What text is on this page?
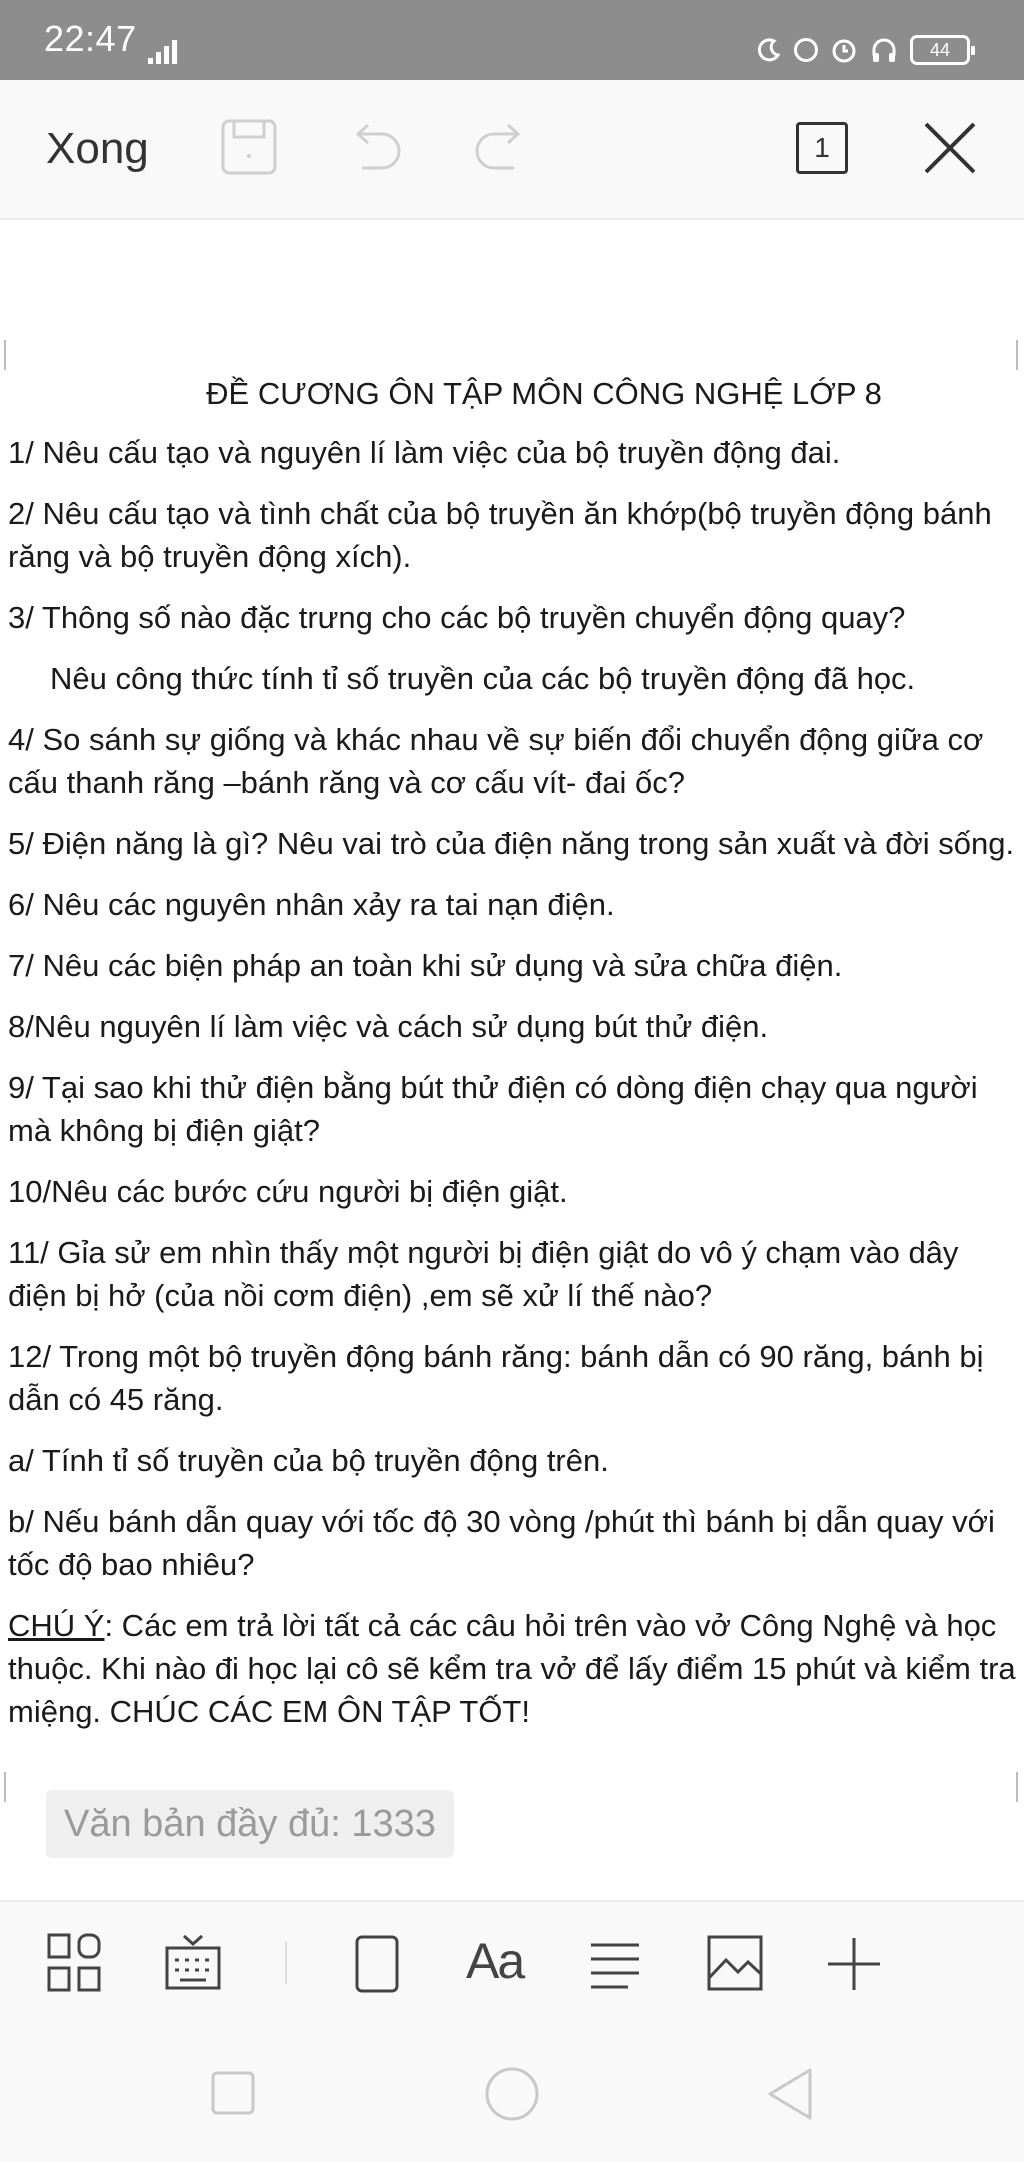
22:47	44
Xong	1

ĐỀ CƯƠNG ÔN TẬP MÔN CÔNG NGHỆ LỚP 8

1/ Nêu cấu tạo và nguyên lí làm việc của bộ truyền động đai.

2/ Nêu cấu tạo và tình chất của bộ truyền ăn khớp(bộ truyền động bánh răng và bộ truyền động xích).

3/ Thông số nào đặc trưng cho các bộ truyền chuyển động quay?

Nêu công thức tính tỉ số truyền của các bộ truyền động đã học.

4/ So sánh sự giống và khác nhau về sự biến đổi chuyển động giữa cơ cấu thanh răng –bánh răng và cơ cấu vít- đai ốc?

5/ Điện năng là gì? Nêu vai trò của điện năng trong sản xuất và đời sống.

6/ Nêu các nguyên nhân xảy ra tai nạn điện.

7/ Nêu các biện pháp an toàn khi sử dụng và sửa chữa điện.

8/Nêu nguyên lí làm việc và cách sử dụng bút thử điện.

9/ Tại sao khi thử điện bằng bút thử điện có dòng điện chạy qua người mà không bị điện giật?

10/Nêu các bước cứu người bị điện giật.

11/ Gỉa sử em nhìn thấy một người bị điện giật do vô ý chạm vào dây điện bị hở (của nồi cơm điện) ,em sẽ xử lí thế nào?

12/ Trong một bộ truyền động bánh răng: bánh dẫn có 90 răng, bánh bị dẫn có 45 răng.

a/ Tính tỉ số truyền của bộ truyền động trên.

b/ Nếu bánh dẫn quay với tốc độ 30 vòng /phút thì bánh bị dẫn quay với tốc độ bao nhiêu?

CHÚ Ý: Các em trả lời tất cả các câu hỏi trên vào vở Công Nghệ và học thuộc. Khi nào đi học lại cô sẽ kểm tra vở để lấy điểm 15 phút và kiểm tra miệng. CHÚC CÁC EM ÔN TẬP TỐT!

Văn bản đầy đủ: 1333
Aa
